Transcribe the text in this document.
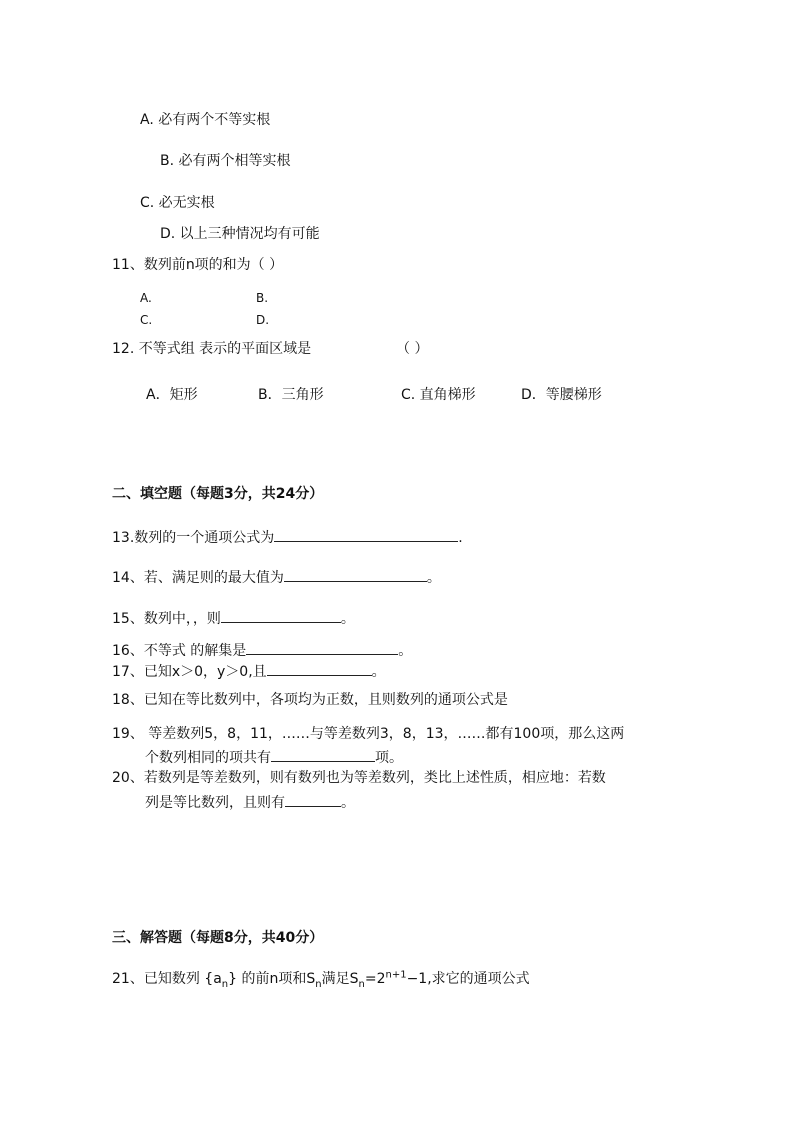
A. 必有两个不等实根
B. 必有两个相等实根
C. 必无实根
D. 以上三种情况均有可能
11、数列前n项的和为（ ）
A.	B.
C.	D.
12. 不等式组 表示的平面区域是	（ ）
A．矩形	B．三角形	C. 直角梯形	D．等腰梯形
二、填空题（每题3分，共24分）
13.数列的一个通项公式为	.
14、若、满足则的最大值为	。
15、数列中，，则	。
16、不等式 的解集是	。
17、已知x＞0，y＞0,且	。
18、已知在等比数列中，各项均为正数，且则数列的通项公式是
19、 等差数列5，8，11，……与等差数列3，8，13，……都有100项，那么这两
个数列相同的项共有	项。
20、若数列是等差数列，则有数列也为等差数列，类比上述性质，相应地：若数
列是等比数列，且则有	。
三、解答题（每题8分，共40分）
21、已知数列 $\{a_n\}$ 的前n项和$S_n$满足$S_n=2^{n+1}-1$,求它的通项公式
